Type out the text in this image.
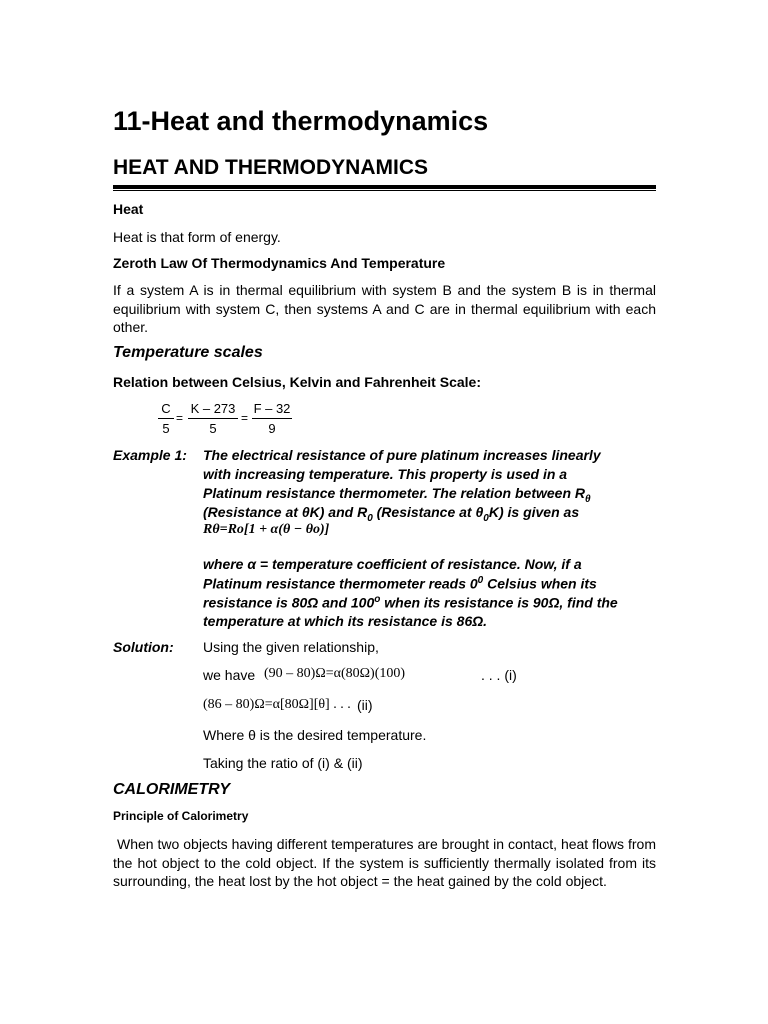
11-Heat and thermodynamics
HEAT AND THERMODYNAMICS
Heat
Heat is that form of energy.
Zeroth Law Of Thermodynamics And Temperature
If a system A is in thermal equilibrium with system B and the system B is in thermal equilibrium with system C, then systems A and C are in thermal equilibrium with each other.
Temperature scales
Relation between Celsius, Kelvin and Fahrenheit Scale:
C
5
=
K – 273
5
=
F – 32
9
Example 1: The electrical resistance of pure platinum increases linearly
with increasing temperature. This property is used in a
Platinum resistance thermometer. The relation between $R_\theta$
(Resistance at θK) and $R_0$ (Resistance at $\theta_0K$) is given as
Rθ=Ro[1 + α(θ − θo)]
where α = temperature coefficient of resistance. Now, if a
Platinum resistance thermometer reads $0^0$ Celsius when its
resistance is 80Ω and 100$^o$ when its resistance is 90Ω, find the
temperature at which its resistance is 86Ω.
Solution: Using the given relationship,
we have (90 – 80)Ω=α(80Ω)(100)	. . . (i)
(86 – 80)Ω=α[80Ω][θ] . . . (ii)
Where θ is the desired temperature.
Taking the ratio of (i) & (ii)
CALORIMETRY
Principle of Calorimetry
When two objects having different temperatures are brought in contact, heat flows from the hot object to the cold object. If the system is sufficiently thermally isolated from its surrounding, the heat lost by the hot object = the heat gained by the cold object.
